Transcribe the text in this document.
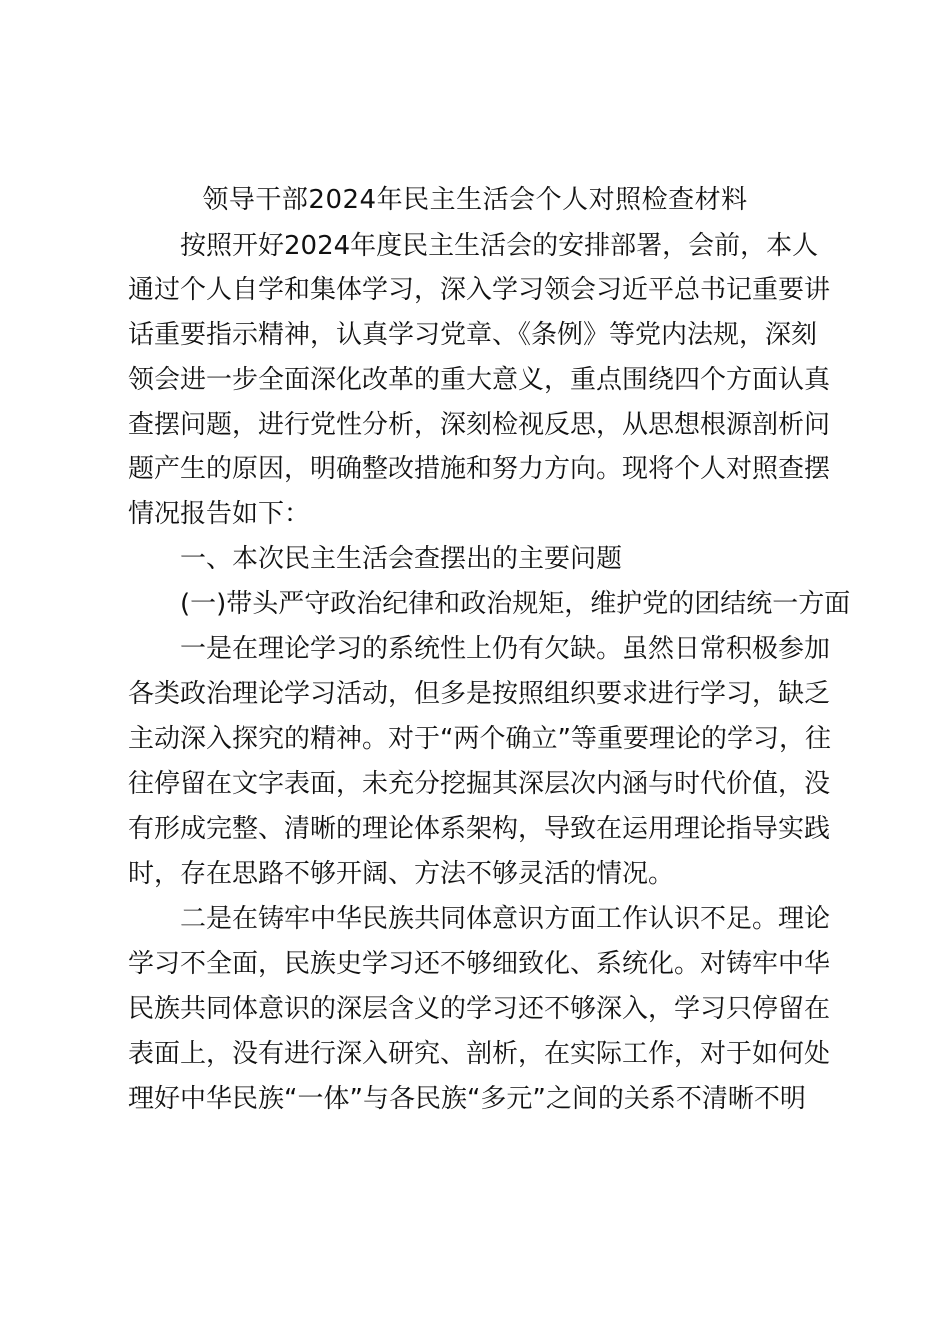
领导干部2024年民主生活会个人对照检查材料

按照开好2024年度民主生活会的安排部署，会前，本人

通过个人自学和集体学习，深入学习领会习近平总书记重要讲

话重要指示精神，认真学习党章、《条例》等党内法规，深刻

领会进一步全面深化改革的重大意义，重点围绕四个方面认真

查摆问题，进行党性分析，深刻检视反思，从思想根源剖析问

题产生的原因，明确整改措施和努力方向。现将个人对照查摆

情况报告如下：

一、本次民主生活会查摆出的主要问题

(一)带头严守政治纪律和政治规矩，维护党的团结统一方面

一是在理论学习的系统性上仍有欠缺。虽然日常积极参加

各类政治理论学习活动，但多是按照组织要求进行学习，缺乏

主动深入探究的精神。对于“两个确立”等重要理论的学习，往

往停留在文字表面，未充分挖掘其深层次内涵与时代价值，没

有形成完整、清晰的理论体系架构，导致在运用理论指导实践

时，存在思路不够开阔、方法不够灵活的情况。

二是在铸牢中华民族共同体意识方面工作认识不足。理论

学习不全面，民族史学习还不够细致化、系统化。对铸牢中华

民族共同体意识的深层含义的学习还不够深入，学习只停留在

表面上，没有进行深入研究、剖析，在实际工作，对于如何处

理好中华民族“一体”与各民族“多元”之间的关系不清晰不明
